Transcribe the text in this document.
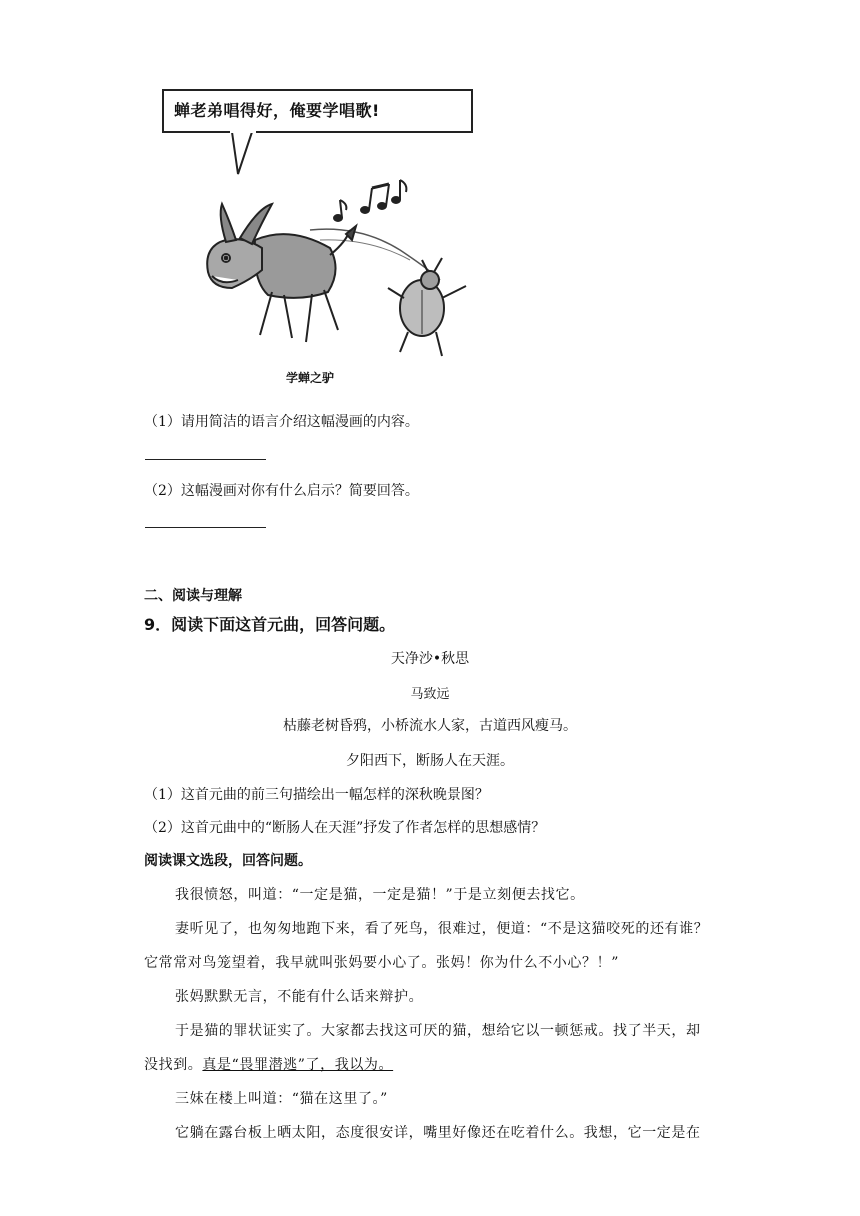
蝉老弟唱得好，俺要学唱歌!
学蝉之驴
（1）请用简洁的语言介绍这幅漫画的内容。
（2）这幅漫画对你有什么启示？简要回答。
二、阅读与理解
9．阅读下面这首元曲，回答问题。
天净沙•秋思
马致远
枯藤老树昏鸦，小桥流水人家，古道西风瘦马。
夕阳西下，断肠人在天涯。
（1）这首元曲的前三句描绘出一幅怎样的深秋晚景图？
（2）这首元曲中的“断肠人在天涯”抒发了作者怎样的思想感情？
阅读课文选段，回答问题。
我很愤怒，叫道：“一定是猫，一定是猫！”于是立刻便去找它。
妻听见了，也匆匆地跑下来，看了死鸟，很难过，便道：“不是这猫咬死的还有谁？
它常常对鸟笼望着，我早就叫张妈要小心了。张妈！你为什么不小心？！”
张妈默默无言，不能有什么话来辩护。
于是猫的罪状证实了。大家都去找这可厌的猫，想给它以一顿惩戒。找了半天，却
没找到。真是“畏罪潜逃”了，我以为。
三妹在楼上叫道：“猫在这里了。”
它躺在露台板上晒太阳，态度很安详，嘴里好像还在吃着什么。我想，它一定是在
